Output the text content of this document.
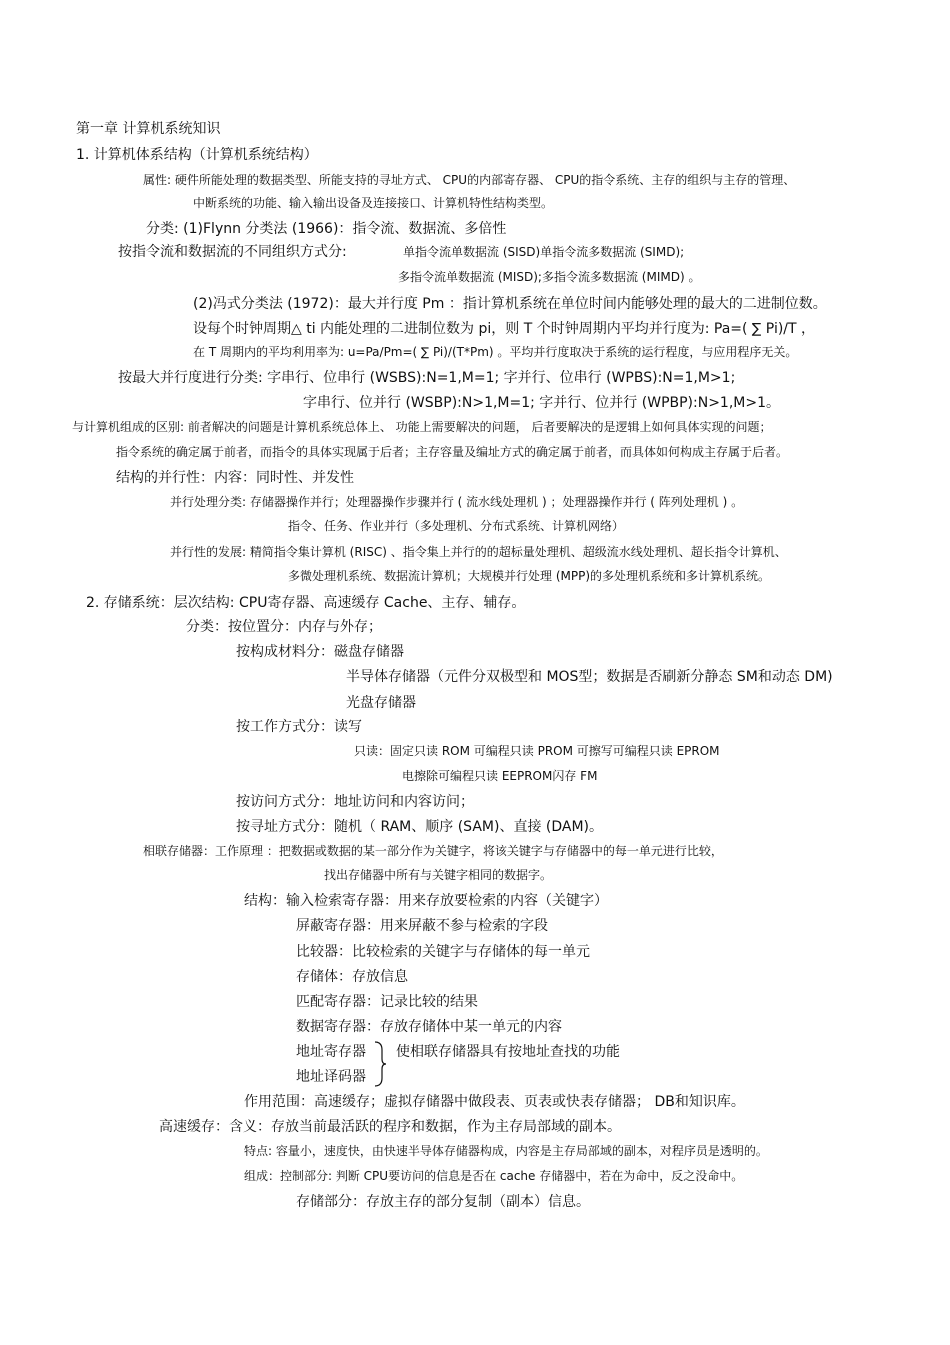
第一章 计算机系统知识
1. 计算机体系结构（计算机系统结构）
属性: 硬件所能处理的数据类型、所能支持的寻址方式、 CPU的内部寄存器、 CPU的指令系统、主存的组织与主存的管理、
中断系统的功能、输入输出设备及连接接口、计算机特性结构类型。
分类: (1)Flynn 分类法 (1966)：指令流、数据流、多倍性
按指令流和数据流的不同组织方式分:	单指令流单数据流 (SISD)单指令流多数据流 (SIMD);
多指令流单数据流 (MISD);多指令流多数据流 (MIMD) 。
(2)冯式分类法 (1972)：最大并行度 Pm ：指计算机系统在单位时间内能够处理的最大的二进制位数。
设每个时钟周期△ ti 内能处理的二进制位数为 pi，则 T 个时钟周期内平均并行度为: Pa=( ∑ Pi)/T ，
在 T 周期内的平均利用率为: u=Pa/Pm=( ∑ Pi)/(T*Pm) 。平均并行度取决于系统的运行程度，与应用程序无关。
按最大并行度进行分类: 字串行、位串行 (WSBS):N=1,M=1; 字并行、位串行 (WPBS):N=1,M>1;
字串行、位并行 (WSBP):N>1,M=1; 字并行、位并行 (WPBP):N>1,M>1。
与计算机组成的区别: 前者解决的问题是计算机系统总体上、 功能上需要解决的问题， 后者要解决的是逻辑上如何具体实现的问题；
指令系统的确定属于前者，而指令的具体实现属于后者；主存容量及编址方式的确定属于前者，而具体如何构成主存属于后者。
结构的并行性：内容：同时性、并发性
并行处理分类: 存储器操作并行；处理器操作步骤并行 ( 流水线处理机 ) ；处理器操作并行 ( 阵列处理机 ) 。
指令、任务、作业并行（多处理机、分布式系统、计算机网络）
并行性的发展: 精简指令集计算机 (RISC) 、指令集上并行的的超标量处理机、超级流水线处理机、超长指令计算机、
多微处理机系统、数据流计算机；大规模并行处理 (MPP)的多处理机系统和多计算机系统。
2. 存储系统：层次结构: CPU寄存器、高速缓存 Cache、主存、辅存。
分类：按位置分：内存与外存；
按构成材料分：磁盘存储器
半导体存储器（元件分双极型和 MOS型；数据是否刷新分静态 SM和动态 DM)
光盘存储器
按工作方式分：读写
只读：固定只读 ROM 可编程只读 PROM 可擦写可编程只读 EPROM
电擦除可编程只读 EEPROM闪存 FM
按访问方式分：地址访问和内容访问；
按寻址方式分：随机（ RAM、顺序 (SAM)、直接 (DAM)。
相联存储器：工作原理 ：把数据或数据的某一部分作为关键字，将该关键字与存储器中的每一单元进行比较，
找出存储器中所有与关键字相同的数据字。
结构：输入检索寄存器：用来存放要检索的内容（关键字）
屏蔽寄存器：用来屏蔽不参与检索的字段
比较器：比较检索的关键字与存储体的每一单元
存储体：存放信息
匹配寄存器：记录比较的结果
数据寄存器：存放存储体中某一单元的内容
地址寄存器 使相联存储器具有按地址查找的功能
地址译码器
作用范围：高速缓存；虚拟存储器中做段表、页表或快表存储器； DB和知识库。
高速缓存：含义：存放当前最活跃的程序和数据，作为主存局部域的副本。
特点: 容量小，速度快，由快速半导体存储器构成，内容是主存局部域的副本，对程序员是透明的。
组成：控制部分: 判断 CPU要访问的信息是否在 cache 存储器中，若在为命中，反之没命中。
存储部分：存放主存的部分复制（副本）信息。
